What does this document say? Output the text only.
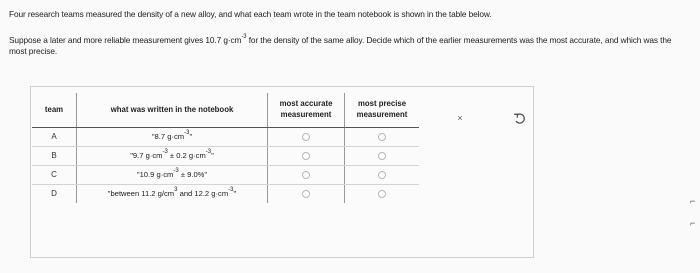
Four research teams measured the density of a new alloy, and what each team wrote in the team notebook is shown in the table below.
Suppose a later and more reliable measurement gives 10.7 $g\cdot cm^{-3}$ for the density of the same alloy. Decide which of the earlier measurements was the most accurate, and which was the most precise.
team	what was written in the notebook	most accurate measurement	most precise measurement
A	"8.7 $g\cdot cm^{-3}$"		
B	"9.7 $g\cdot cm^{-3} \pm 0.2$ $g\cdot cm^{-3}$"		
C	"10.9 $g\cdot cm^{-3} \pm 9.0\%$"		
D	"between 11.2 $g/cm^3$ and 12.2 $g\cdot cm^{-3}$"		
×
⌐
⌐
